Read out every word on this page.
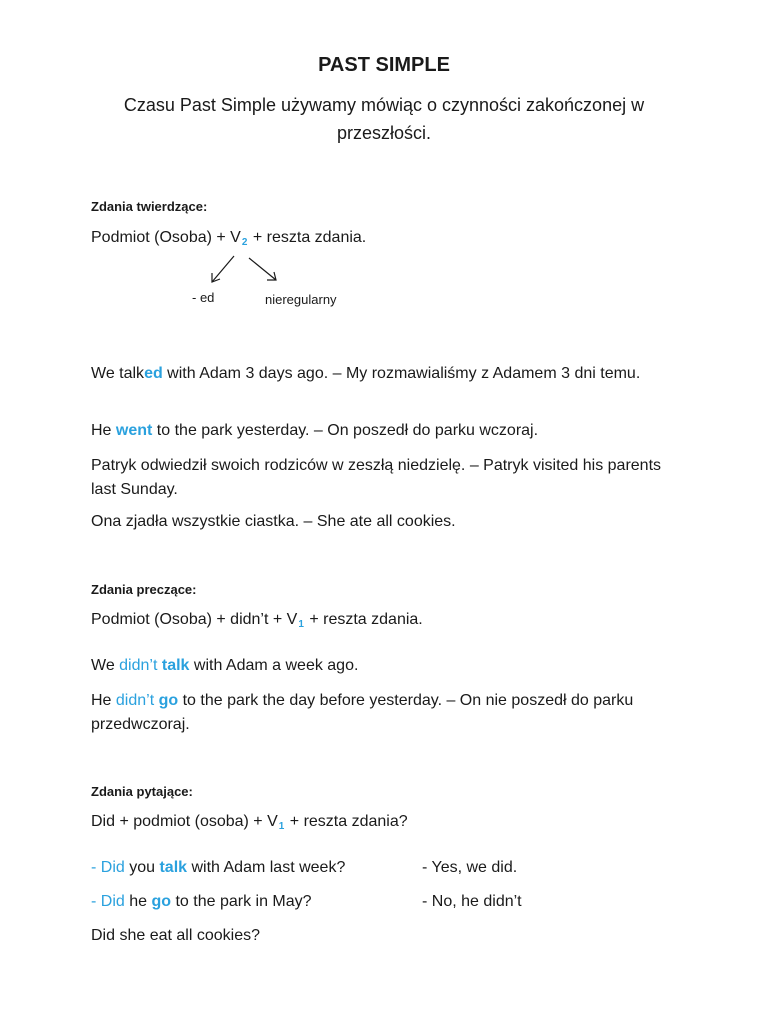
PAST SIMPLE
Czasu Past Simple używamy mówiąc o czynności zakończonej w przeszłości.
Zdania twierdzące:
Podmiot (Osoba) + V2 + reszta zdania.
- ed	nieregularny
We talked with Adam 3 days ago. – My rozmawialiśmy z Adamem 3 dni temu.
He went to the park yesterday. – On poszedł do parku wczoraj.
Patryk odwiedził swoich rodziców w zeszłą niedzielę. – Patryk visited his parents last Sunday.
Ona zjadła wszystkie ciastka. – She ate all cookies.
Zdania preczące:
Podmiot (Osoba) + didn’t + V1 + reszta zdania.
We didn’t talk with Adam a week ago.
He didn’t go to the park the day before yesterday. – On nie poszedł do parku przedwczoraj.
Zdania pytające:
Did + podmiot (osoba) + V1 + reszta zdania?
- Did you talk with Adam last week?	- Yes, we did.
- Did he go to the park in May?	- No, he didn’t
Did she eat all cookies?
